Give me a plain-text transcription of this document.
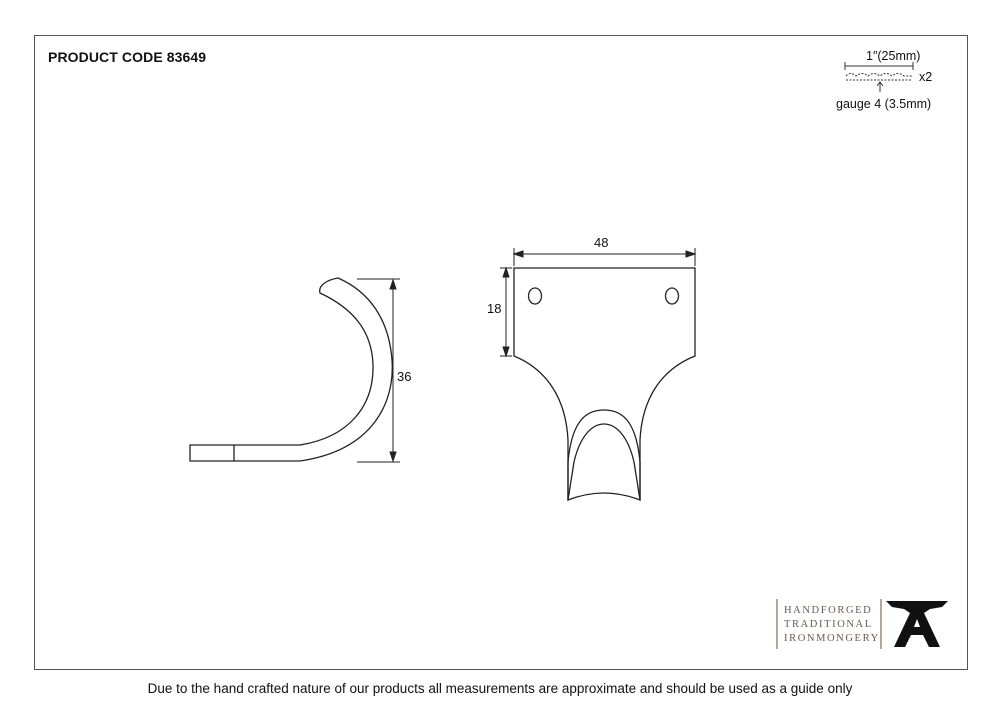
PRODUCT CODE 83649	1″(25mm)
x2
gauge 4 (3.5mm)
36
48
18
HANDFORGED
TRADITIONAL
IRONMONGERY
Due to the hand crafted nature of our products all measurements are approximate and should be used as a guide only
